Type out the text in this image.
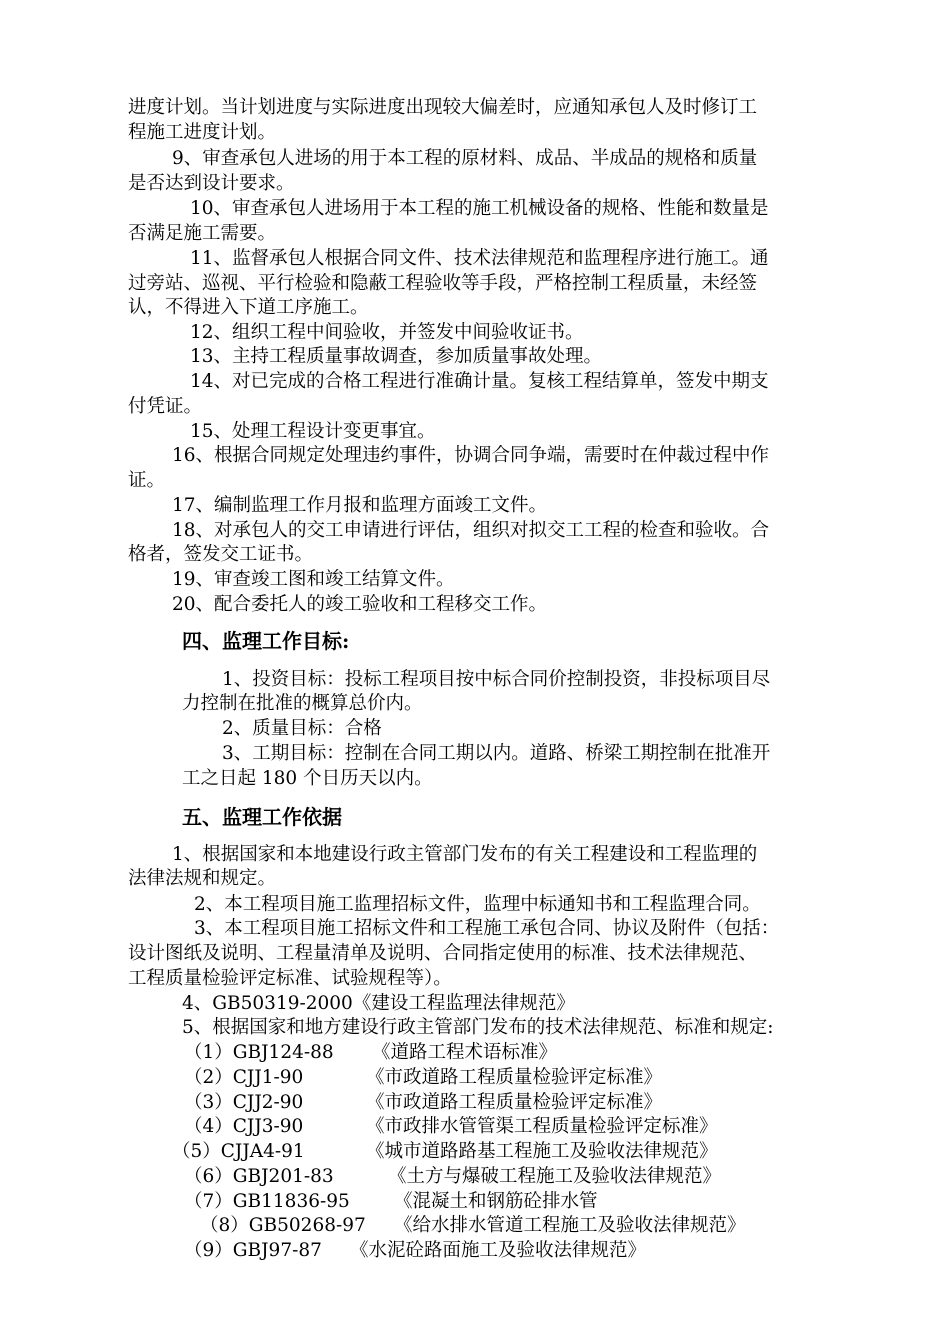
进度计划。当计划进度与实际进度出现较大偏差时，应通知承包人及时修订工
程施工进度计划。
9、审查承包人进场的用于本工程的原材料、成品、半成品的规格和质量
是否达到设计要求。
10、审查承包人进场用于本工程的施工机械设备的规格、性能和数量是
否满足施工需要。
11、监督承包人根据合同文件、技术法律规范和监理程序进行施工。通
过旁站、巡视、平行检验和隐蔽工程验收等手段，严格控制工程质量，未经签
认，不得进入下道工序施工。
12、组织工程中间验收，并签发中间验收证书。
13、主持工程质量事故调查，参加质量事故处理。
14、对已完成的合格工程进行准确计量。复核工程结算单，签发中期支
付凭证。
15、处理工程设计变更事宜。
16、根据合同规定处理违约事件，协调合同争端，需要时在仲裁过程中作
证。
17、编制监理工作月报和监理方面竣工文件。
18、对承包人的交工申请进行评估，组织对拟交工工程的检查和验收。合
格者，签发交工证书。
19、审查竣工图和竣工结算文件。
20、配合委托人的竣工验收和工程移交工作。
四、监理工作目标:
1、投资目标：投标工程项目按中标合同价控制投资，非投标项目尽
力控制在批准的概算总价内。
2、质量目标：合格
3、工期目标：控制在合同工期以内。道路、桥梁工期控制在批准开
工之日起 180 个日历天以内。
五、监理工作依据
1、根据国家和本地建设行政主管部门发布的有关工程建设和工程监理的
法律法规和规定。
2、本工程项目施工监理招标文件，监理中标通知书和工程监理合同。
3、本工程项目施工招标文件和工程施工承包合同、协议及附件（包括：
设计图纸及说明、工程量清单及说明、合同指定使用的标准、技术法律规范、
工程质量检验评定标准、试验规程等）。
4、GB50319-2000《建设工程监理法律规范》
5、根据国家和地方建设行政主管部门发布的技术法律规范、标准和规定:
（1）GBJ124-88 《道路工程术语标准》
（2）CJJ1-90	《市政道路工程质量检验评定标准》
（3）CJJ2-90	《市政道路工程质量检验评定标准》
（4）CJJ3-90	《市政排水管管渠工程质量检验评定标准》
（5）CJJA4-91	《城市道路路基工程施工及验收法律规范》
（6）GBJ201-83	《土方与爆破工程施工及验收法律规范》
（7）GB11836-95 《混凝土和钢筋砼排水管
（8）GB50268-97 《给水排水管道工程施工及验收法律规范》
（9）GBJ97-87 《水泥砼路面施工及验收法律规范》
